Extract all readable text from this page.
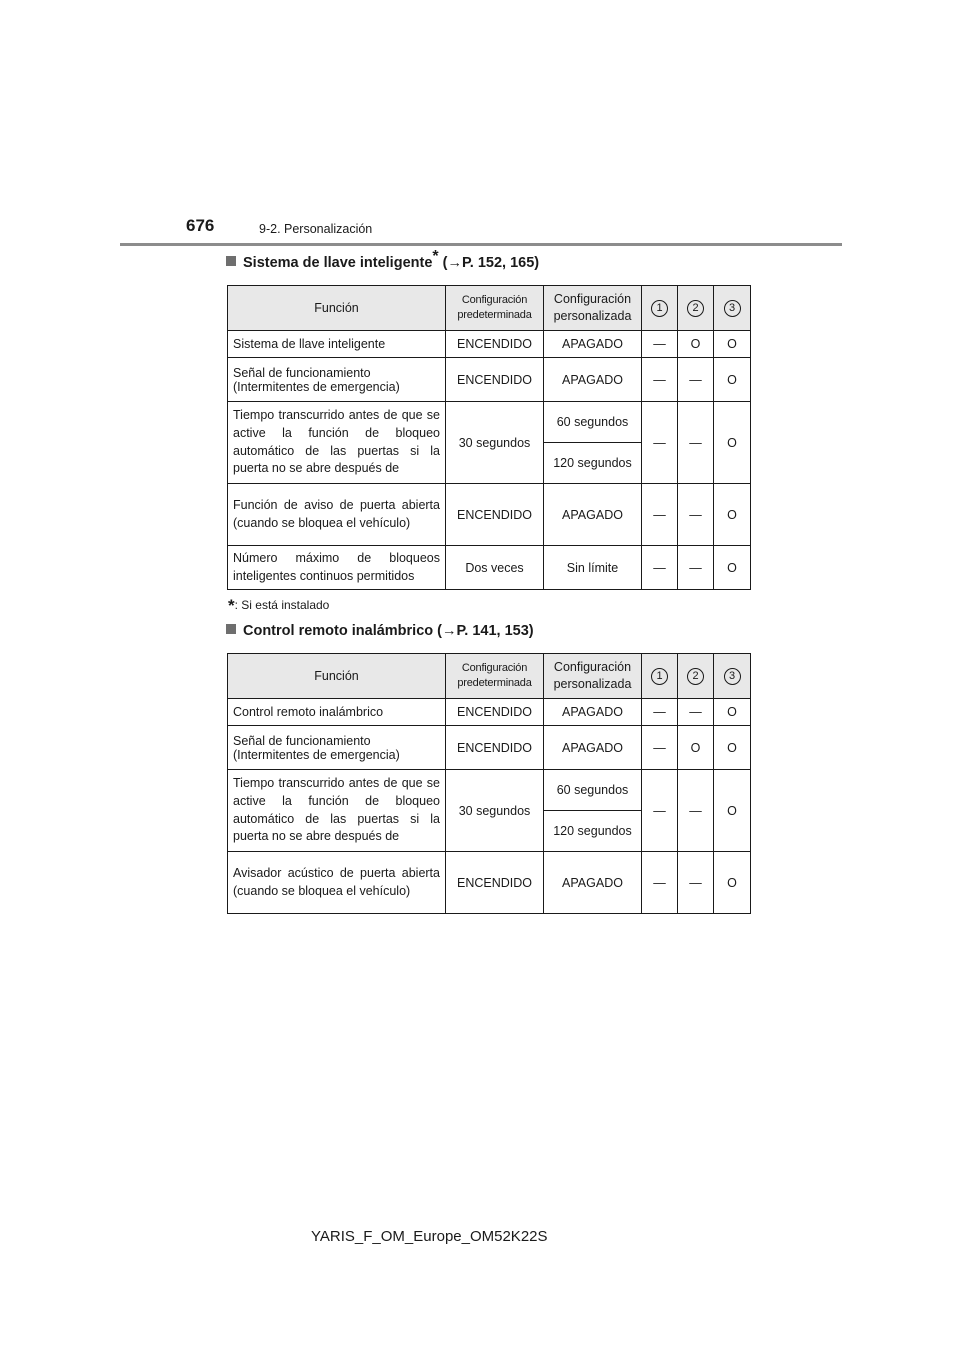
676	9-2. Personalización
Sistema de llave inteligente* (→P. 152, 165)
Función	Configuración predeterminada	Configuración personalizada	1	2	3
Sistema de llave inteligente	ENCENDIDO	APAGADO	—	O	O
Señal de funcionamiento (Intermitentes de emergencia)	ENCENDIDO	APAGADO	—	—	O
Tiempo transcurrido antes de que se active la función de bloqueo automático de las puertas si la puerta no se abre después de	30 segundos	60 segundos	—	—	O
		120 segundos			
Función de aviso de puerta abierta (cuando se bloquea el vehículo)	ENCENDIDO	APAGADO	—	—	O
Número máximo de bloqueos inteligentes continuos permitidos	Dos veces	Sin límite	—	—	O
*: Si está instalado
Control remoto inalámbrico (→P. 141, 153)
Función	Configuración predeterminada	Configuración personalizada	1	2	3
Control remoto inalámbrico	ENCENDIDO	APAGADO	—	—	O
Señal de funcionamiento (Intermitentes de emergencia)	ENCENDIDO	APAGADO	—	O	O
Tiempo transcurrido antes de que se active la función de bloqueo automático de las puertas si la puerta no se abre después de	30 segundos	60 segundos	—	—	O
		120 segundos			
Avisador acústico de puerta abierta (cuando se bloquea el vehículo)	ENCENDIDO	APAGADO	—	—	O
YARIS_F_OM_Europe_OM52K22S
